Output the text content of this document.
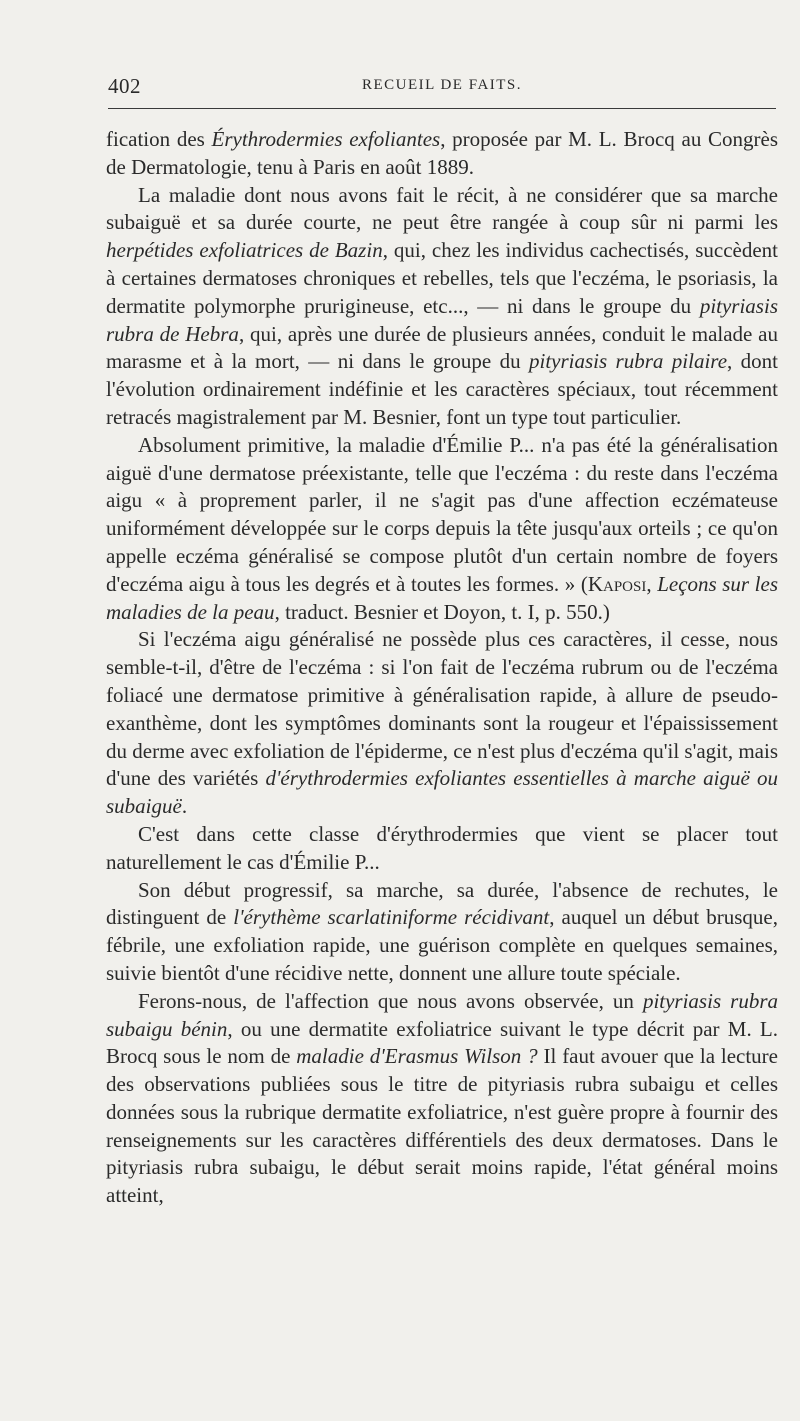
402	RECUEIL DE FAITS.

fication des Érythrodermies exfoliantes, proposée par M. L. Brocq au Congrès de Dermatologie, tenu à Paris en août 1889.

La maladie dont nous avons fait le récit, à ne considérer que sa marche subaiguë et sa durée courte, ne peut être rangée à coup sûr ni parmi les herpétides exfoliatrices de Bazin, qui, chez les individus cachectisés, succèdent à certaines dermatoses chroniques et rebelles, tels que l'eczéma, le psoriasis, la dermatite polymorphe prurigineuse, etc..., — ni dans le groupe du pityriasis rubra de Hebra, qui, après une durée de plusieurs années, conduit le malade au marasme et à la mort, — ni dans le groupe du pityriasis rubra pilaire, dont l'évolution ordinairement indéfinie et les caractères spéciaux, tout récemment retracés magistralement par M. Besnier, font un type tout particulier.

Absolument primitive, la maladie d'Émilie P... n'a pas été la généralisation aiguë d'une dermatose préexistante, telle que l'eczéma : du reste dans l'eczéma aigu « à proprement parler, il ne s'agit pas d'une affection eczémateuse uniformément développée sur le corps depuis la tête jusqu'aux orteils ; ce qu'on appelle eczéma généralisé se compose plutôt d'un certain nombre de foyers d'eczéma aigu à tous les degrés et à toutes les formes. » (Kaposi, Leçons sur les maladies de la peau, traduct. Besnier et Doyon, t. I, p. 550.)

Si l'eczéma aigu généralisé ne possède plus ces caractères, il cesse, nous semble-t-il, d'être de l'eczéma : si l'on fait de l'eczéma rubrum ou de l'eczéma foliacé une dermatose primitive à généralisation rapide, à allure de pseudo-exanthème, dont les symptômes dominants sont la rougeur et l'épaississement du derme avec exfoliation de l'épiderme, ce n'est plus d'eczéma qu'il s'agit, mais d'une des variétés d'érythrodermies exfoliantes essentielles à marche aiguë ou subaiguë.

C'est dans cette classe d'érythrodermies que vient se placer tout naturellement le cas d'Émilie P...

Son début progressif, sa marche, sa durée, l'absence de rechutes, le distinguent de l'érythème scarlatiniforme récidivant, auquel un début brusque, fébrile, une exfoliation rapide, une guérison complète en quelques semaines, suivie bientôt d'une récidive nette, donnent une allure toute spéciale.

Ferons-nous, de l'affection que nous avons observée, un pityriasis rubra subaigu bénin, ou une dermatite exfoliatrice suivant le type décrit par M. L. Brocq sous le nom de maladie d'Erasmus Wilson ? Il faut avouer que la lecture des observations publiées sous le titre de pityriasis rubra subaigu et celles données sous la rubrique dermatite exfoliatrice, n'est guère propre à fournir des renseignements sur les caractères différentiels des deux dermatoses. Dans le pityriasis rubra subaigu, le début serait moins rapide, l'état général moins atteint,
